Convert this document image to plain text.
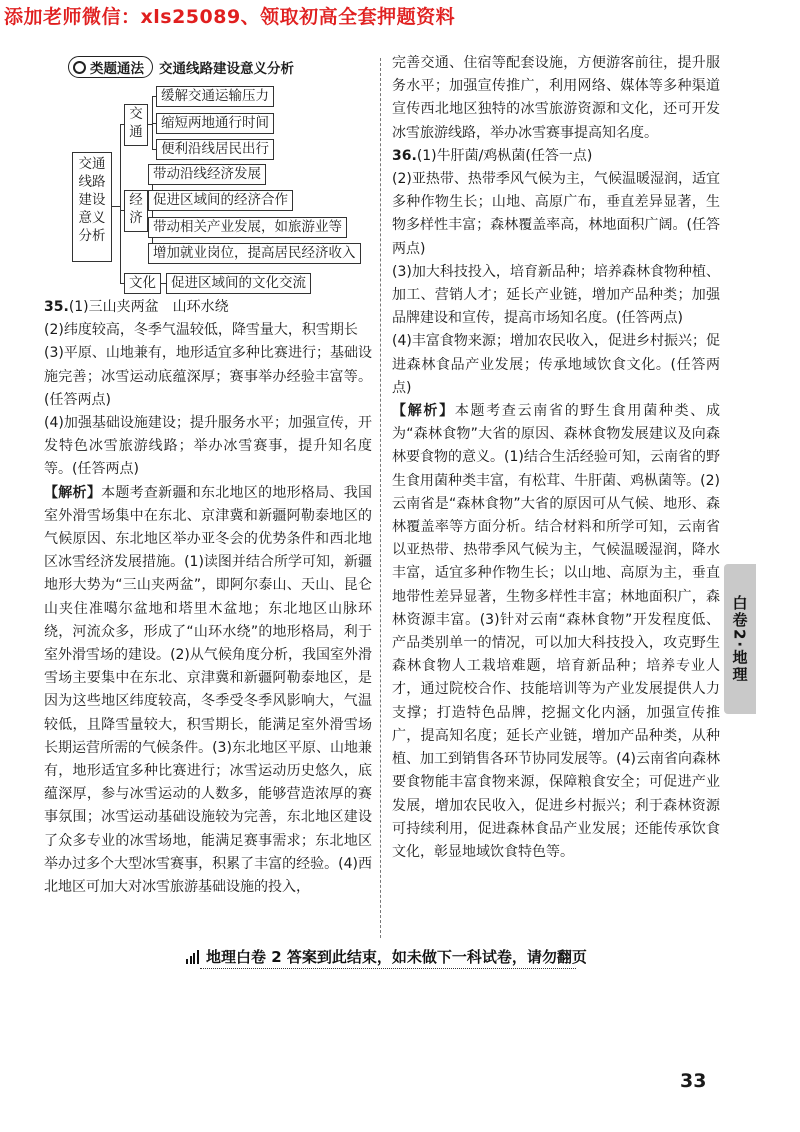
添加老师微信：xls25089、领取初高全套押题资料
类题通法 交通线路建设意义分析
交通
线路
建设
意义
分析
交
通
缓解交通运输压力
缩短两地通行时间
便利沿线居民出行
经
济
带动沿线经济发展
促进区域间的经济合作
带动相关产业发展，如旅游业等
增加就业岗位，提高居民经济收入
文化	促进区域间的文化交流

35.(1)三山夹两盆　山环水绕

(2)纬度较高，冬季气温较低，降雪量大，积雪期长

(3)平原、山地兼有，地形适宜多种比赛进行；基础设施完善；冰雪运动底蕴深厚；赛事举办经验丰富等。(任答两点)

(4)加强基础设施建设；提升服务水平；加强宣传，开发特色冰雪旅游线路；举办冰雪赛事，提升知名度等。(任答两点)

【解析】本题考查新疆和东北地区的地形格局、我国室外滑雪场集中在东北、京津冀和新疆阿勒泰地区的气候原因、东北地区举办亚冬会的优势条件和西北地区冰雪经济发展措施。(1)读图并结合所学可知，新疆地形大势为“三山夹两盆”，即阿尔泰山、天山、昆仑山夹住准噶尔盆地和塔里木盆地；东北地区山脉环绕，河流众多，形成了“山环水绕”的地形格局，利于室外滑雪场的建设。(2)从气候角度分析，我国室外滑雪场主要集中在东北、京津冀和新疆阿勒泰地区，是因为这些地区纬度较高，冬季受冬季风影响大，气温较低，且降雪量较大，积雪期长，能满足室外滑雪场长期运营所需的气候条件。(3)东北地区平原、山地兼有，地形适宜多种比赛进行；冰雪运动历史悠久，底蕴深厚，参与冰雪运动的人数多，能够营造浓厚的赛事氛围；冰雪运动基础设施较为完善，东北地区建设了众多专业的冰雪场地，能满足赛事需求；东北地区举办过多个大型冰雪赛事，积累了丰富的经验。(4)西北地区可加大对冰雪旅游基础设施的投入，

完善交通、住宿等配套设施，方便游客前往，提升服务水平；加强宣传推广，利用网络、媒体等多种渠道宣传西北地区独特的冰雪旅游资源和文化，还可开发冰雪旅游线路，举办冰雪赛事提高知名度。

36.(1)牛肝菌/鸡枞菌(任答一点)

(2)亚热带、热带季风气候为主，气候温暖湿润，适宜多种作物生长；山地、高原广布，垂直差异显著，生物多样性丰富；森林覆盖率高，林地面积广阔。(任答两点)

(3)加大科技投入，培育新品种；培养森林食物种植、加工、营销人才；延长产业链，增加产品种类；加强品牌建设和宣传，提高市场知名度。(任答两点)

(4)丰富食物来源；增加农民收入，促进乡村振兴；促进森林食品产业发展；传承地域饮食文化。(任答两点)

【解析】本题考查云南省的野生食用菌种类、成为“森林食物”大省的原因、森林食物发展建议及向森林要食物的意义。(1)结合生活经验可知，云南省的野生食用菌种类丰富，有松茸、牛肝菌、鸡枞菌等。(2)云南省是“森林食物”大省的原因可从气候、地形、森林覆盖率等方面分析。结合材料和所学可知，云南省以亚热带、热带季风气候为主，气候温暖湿润，降水丰富，适宜多种作物生长；以山地、高原为主，垂直地带性差异显著，生物多样性丰富；林地面积广，森林资源丰富。(3)针对云南“森林食物”开发程度低、产品类别单一的情况，可以加大科技投入，攻克野生森林食物人工栽培难题，培育新品种；培养专业人才，通过院校合作、技能培训等为产业发展提供人力支撑；打造特色品牌，挖掘文化内涵，加强宣传推广，提高知名度；延长产业链，增加产品种类，从种植、加工到销售各环节协同发展等。(4)云南省向森林要食物能丰富食物来源，保障粮食安全；可促进产业发展，增加农民收入，促进乡村振兴；利于森林资源可持续利用，促进森林食品产业发展；还能传承饮食文化，彰显地域饮食特色等。

地理白卷 2 答案到此结束，如未做下一科试卷，请勿翻页
白卷2·地理
33
